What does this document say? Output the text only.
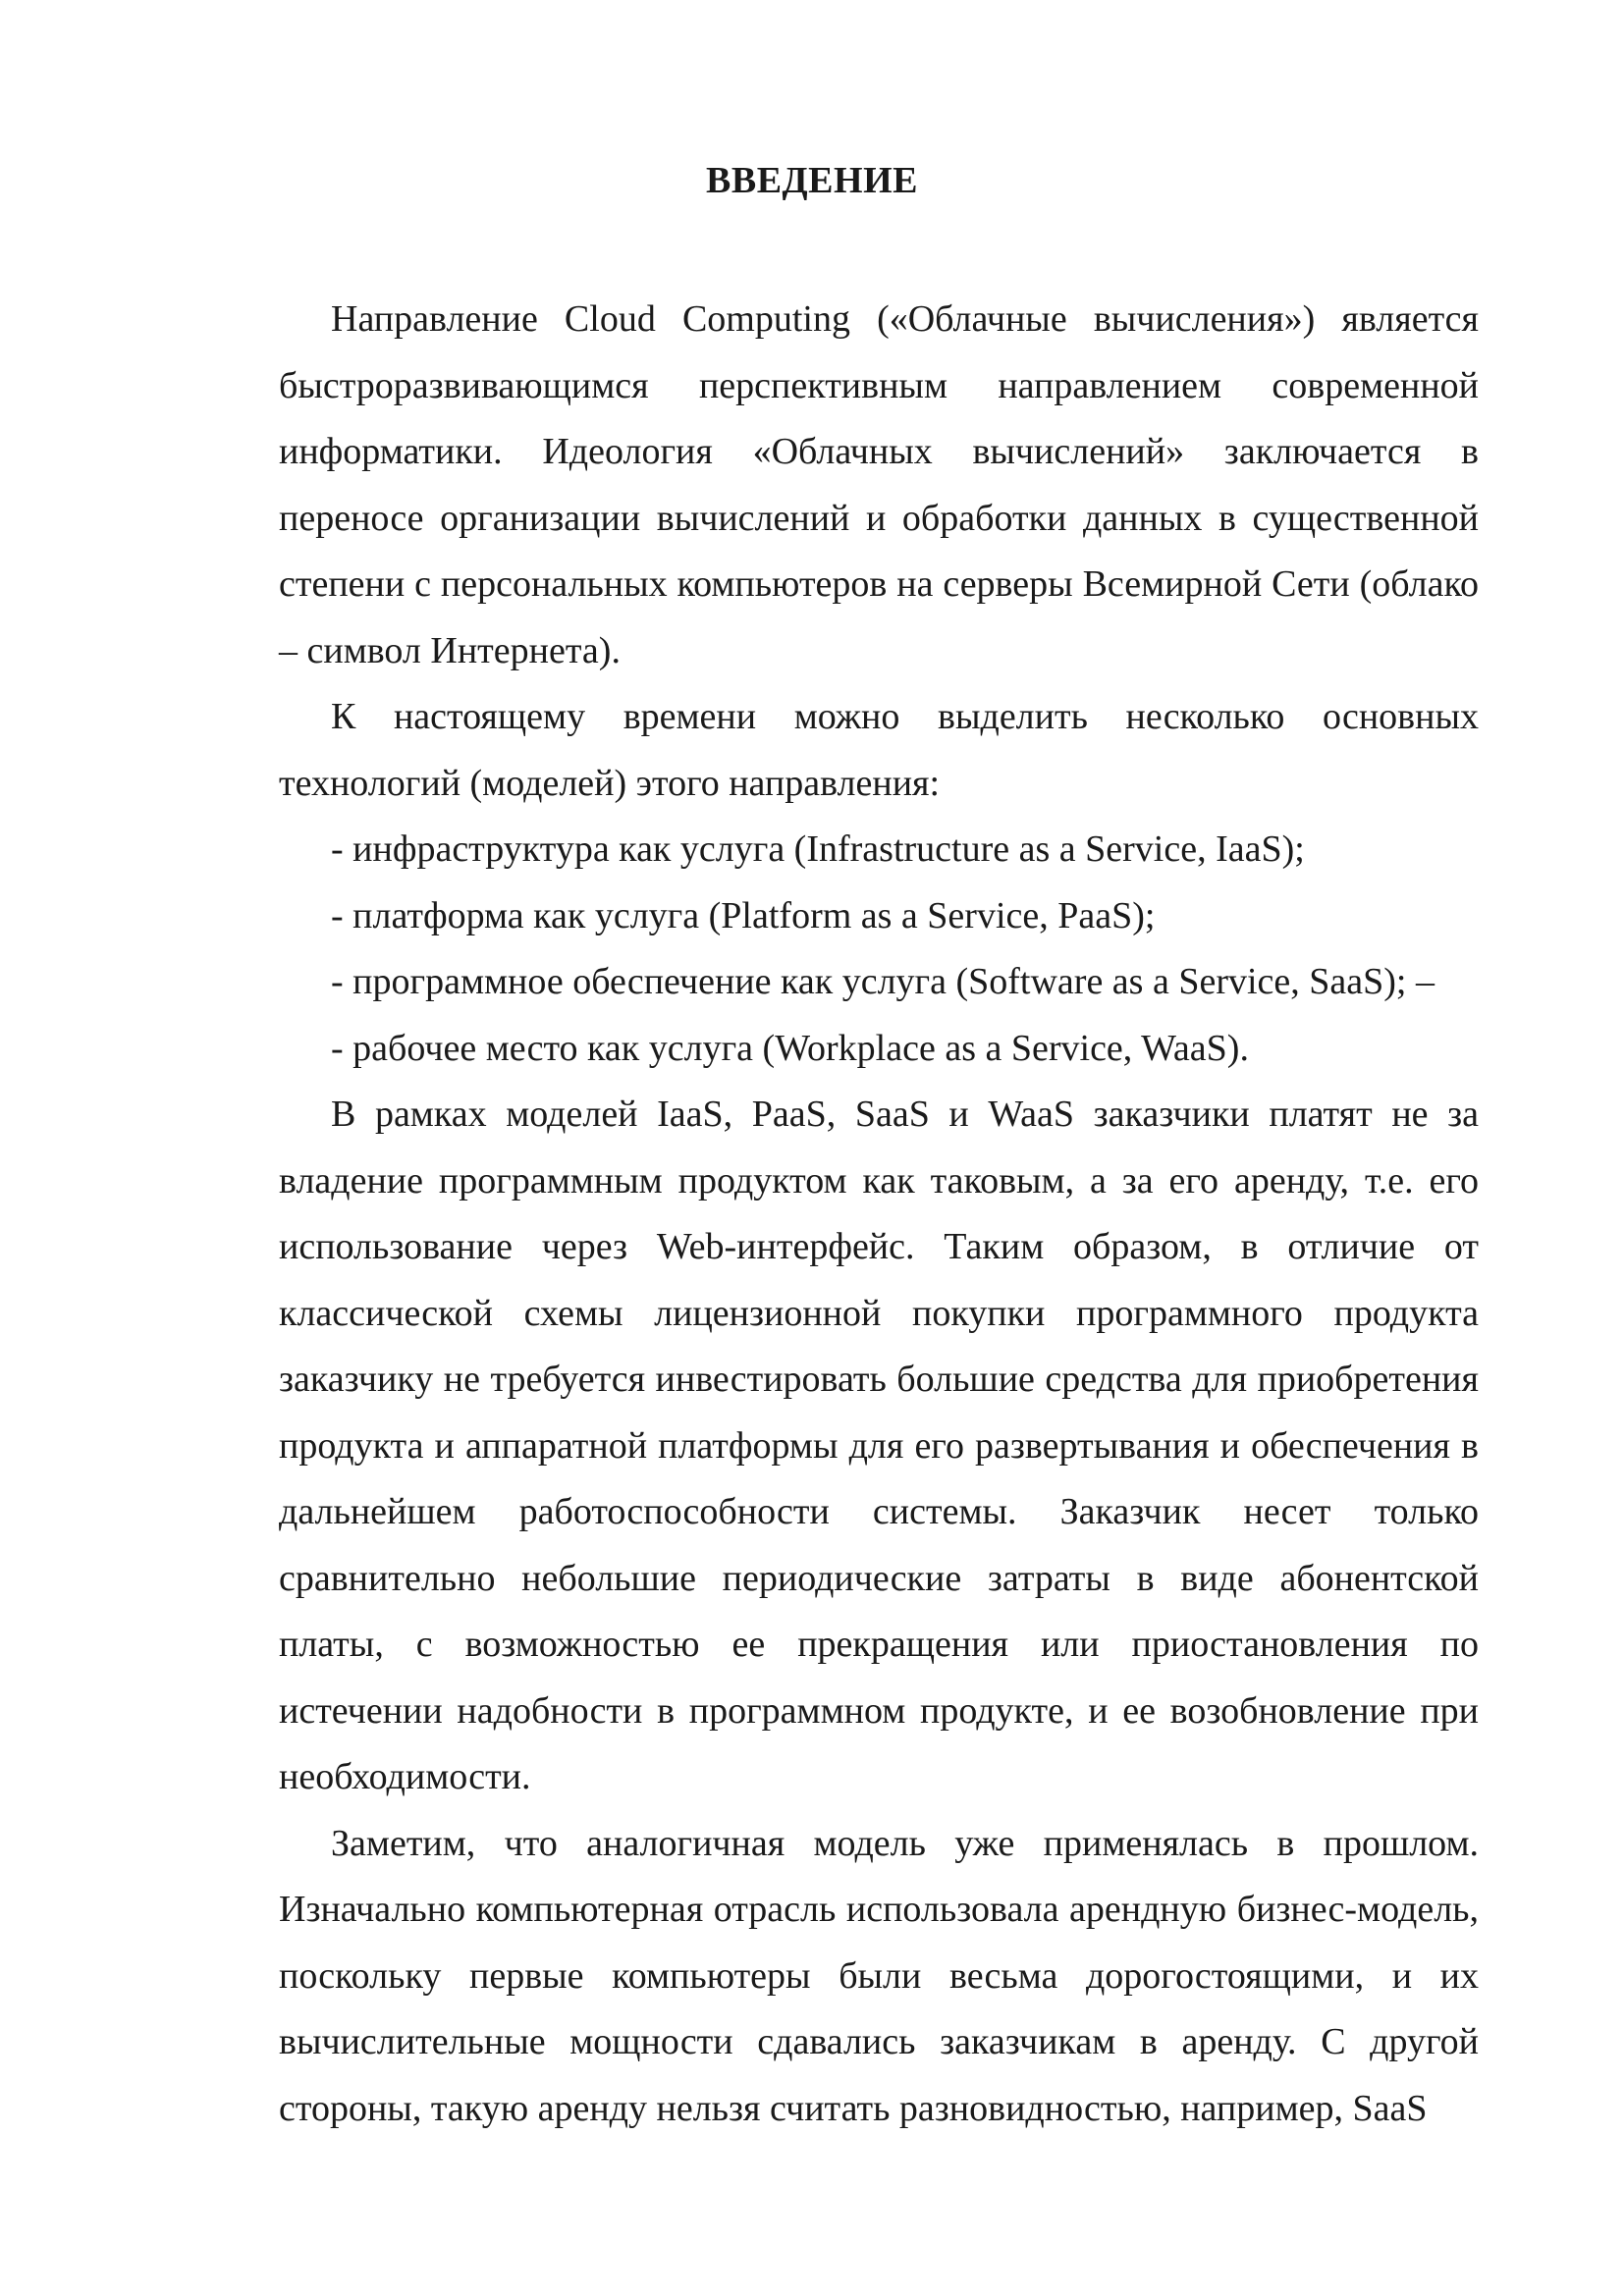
ВВЕДЕНИЕ

Направление Cloud Computing («Облачные вычисления») является быстроразвивающимся перспективным направлением современной информатики. Идеология «Облачных вычислений» заключается в переносе организации вычислений и обработки данных в существенной степени с персональных компьютеров на серверы Всемирной Сети (облако – символ Интернета).

К настоящему времени можно выделить несколько основных технологий (моделей) этого направления:

- инфраструктура как услуга (Infrastructure as a Service, IaaS);

- платформа как услуга (Platform as a Service, PaaS);

- программное обеспечение как услуга (Software as a Service, SaaS); –

- рабочее место как услуга (Workplace as a Service, WaaS).

В рамках моделей IaaS, PaaS, SaaS и WaaS заказчики платят не за владение программным продуктом как таковым, а за его аренду, т.е. его использование через Web-интерфейс. Таким образом, в отличие от классической схемы лицензионной покупки программного продукта заказчику не требуется инвестировать большие средства для приобретения продукта и аппаратной платформы для его развертывания и обеспечения в дальнейшем работоспособности системы. Заказчик несет только сравнительно небольшие периодические затраты в виде абонентской платы, с возможностью ее прекращения или приостановления по истечении надобности в программном продукте, и ее возобновление при необходимости.

Заметим, что аналогичная модель уже применялась в прошлом. Изначально компьютерная отрасль использовала арендную бизнес-модель, поскольку первые компьютеры были весьма дорогостоящими, и их вычислительные мощности сдавались заказчикам в аренду. С другой стороны, такую аренду нельзя считать разновидностью, например, SaaS
